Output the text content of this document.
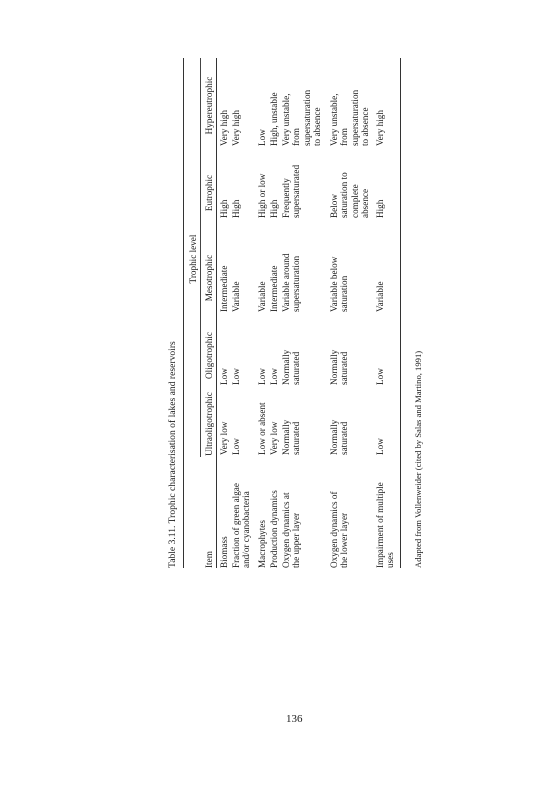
Table 3.11. Trophic characterisation of lakes and reservoirs
Trophic level
Item
Ultraoligotrophic
Oligotrophic
Mesotrophic
Eutrophic
Hypereutrophic
Biomass
Very low
Low
Intermediate
High
Very high
Fraction of green algae
and/or cyanobacteria
Low
Low
Variable
High
Very high
Macrophytes
Low or absent
Low
Variable
High or low
Low
Production dynamics
Very low
Low
Intermediate
High
High, unstable
Oxygen dynamics at
the upper layer
Normally
saturated
Normally
saturated
Variable around
supersaturation
Frequently
supersaturated
Very unstable,
from
supersaturation
to absence
Oxygen dynamics of
the lower layer
Normally
saturated
Normally
saturated
Variable below
saturation
Below
saturation to
complete
absence
Very unstable,
from
supersaturation
to absence
Impairment of multiple
uses
Low
Low
Variable
High
Very high
Adapted from Vollenweider (cited by Salas and Martino, 1991)
136
